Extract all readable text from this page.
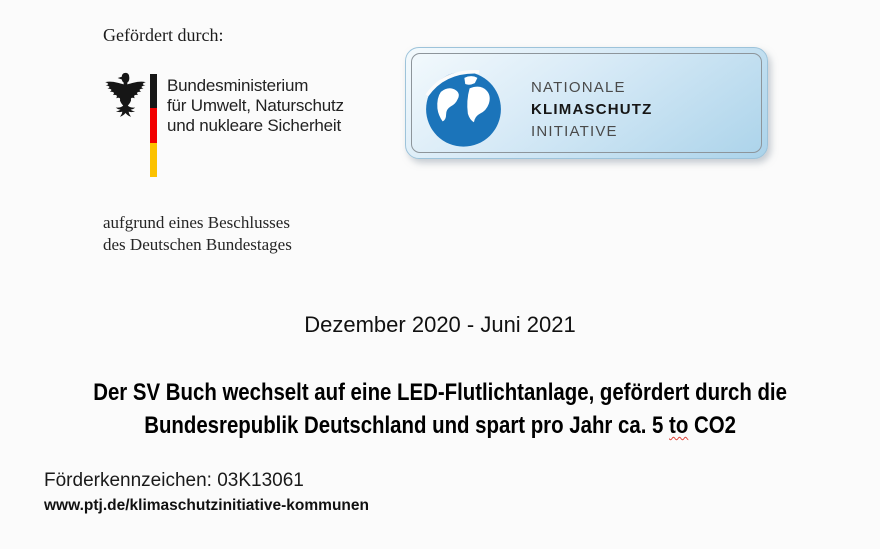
Gefördert durch:
Bundesministerium
für Umwelt, Naturschutz
und nukleare Sicherheit
aufgrund eines Beschlusses
des Deutschen Bundestages
NATIONALE
KLIMASCHUTZ
INITIATIVE
Dezember 2020 - Juni 2021
Der SV Buch wechselt auf eine LED-Flutlichtanlage, gefördert durch die
Bundesrepublik Deutschland und spart pro Jahr ca. 5 to CO2
Förderkennzeichen: 03K13061
www.ptj.de/klimaschutzinitiative-kommunen
